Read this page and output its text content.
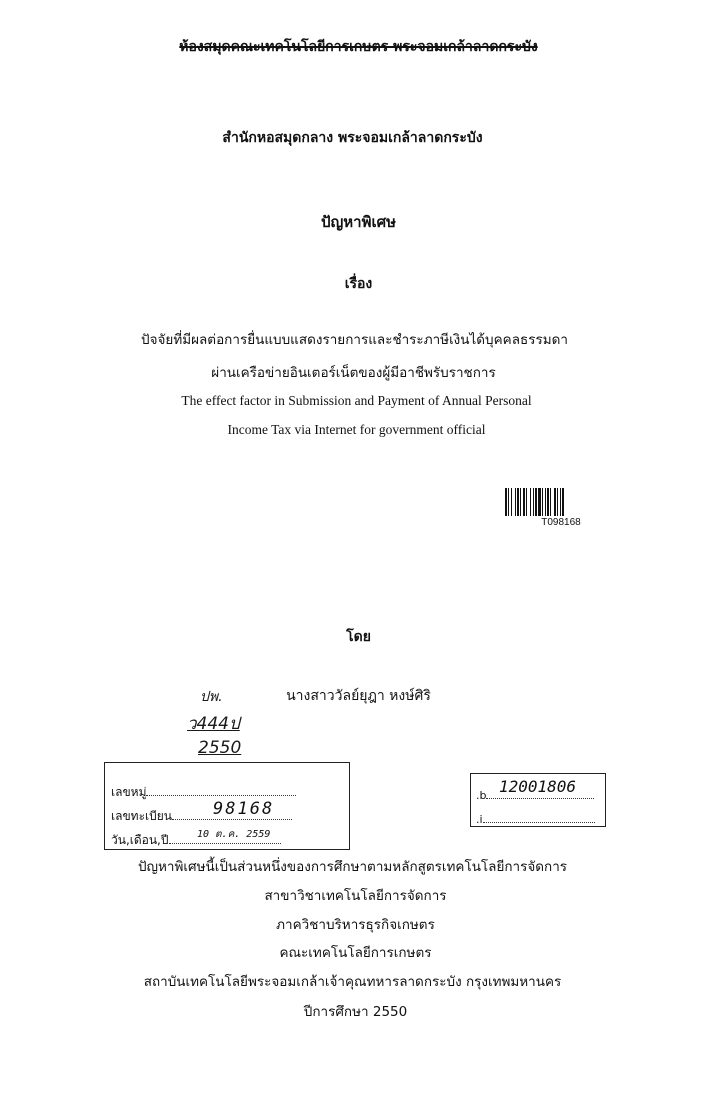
ห้องสมุดคณะเทคโนโลยีการเกษตร พระจอมเกล้าลาดกระบัง
สำนักหอสมุดกลาง พระจอมเกล้าลาดกระบัง
ปัญหาพิเศษ
เรื่อง
ปัจจัยที่มีผลต่อการยื่นแบบแสดงรายการและชำระภาษีเงินได้บุคคลธรรมดา
ผ่านเครือข่ายอินเตอร์เน็ตของผู้มีอาชีพรับราชการ
The effect factor in Submission and Payment of Annual Personal
Income Tax via Internet for government official
T098168
โดย
นางสาววัลย์ยุฎา หงษ์ศิริ
ปพ.
ว444ป
2550
เลขหมู่
เลขทะเบียน	98168
วัน,เดือน,ปี	10 ต.ค. 2559
.b 12001806
.i
ปัญหาพิเศษนี้เป็นส่วนหนึ่งของการศึกษาตามหลักสูตรเทคโนโลยีการจัดการ
สาขาวิชาเทคโนโลยีการจัดการ
ภาควิชาบริหารธุรกิจเกษตร
คณะเทคโนโลยีการเกษตร
สถาบันเทคโนโลยีพระจอมเกล้าเจ้าคุณทหารลาดกระบัง กรุงเทพมหานคร
ปีการศึกษา 2550
